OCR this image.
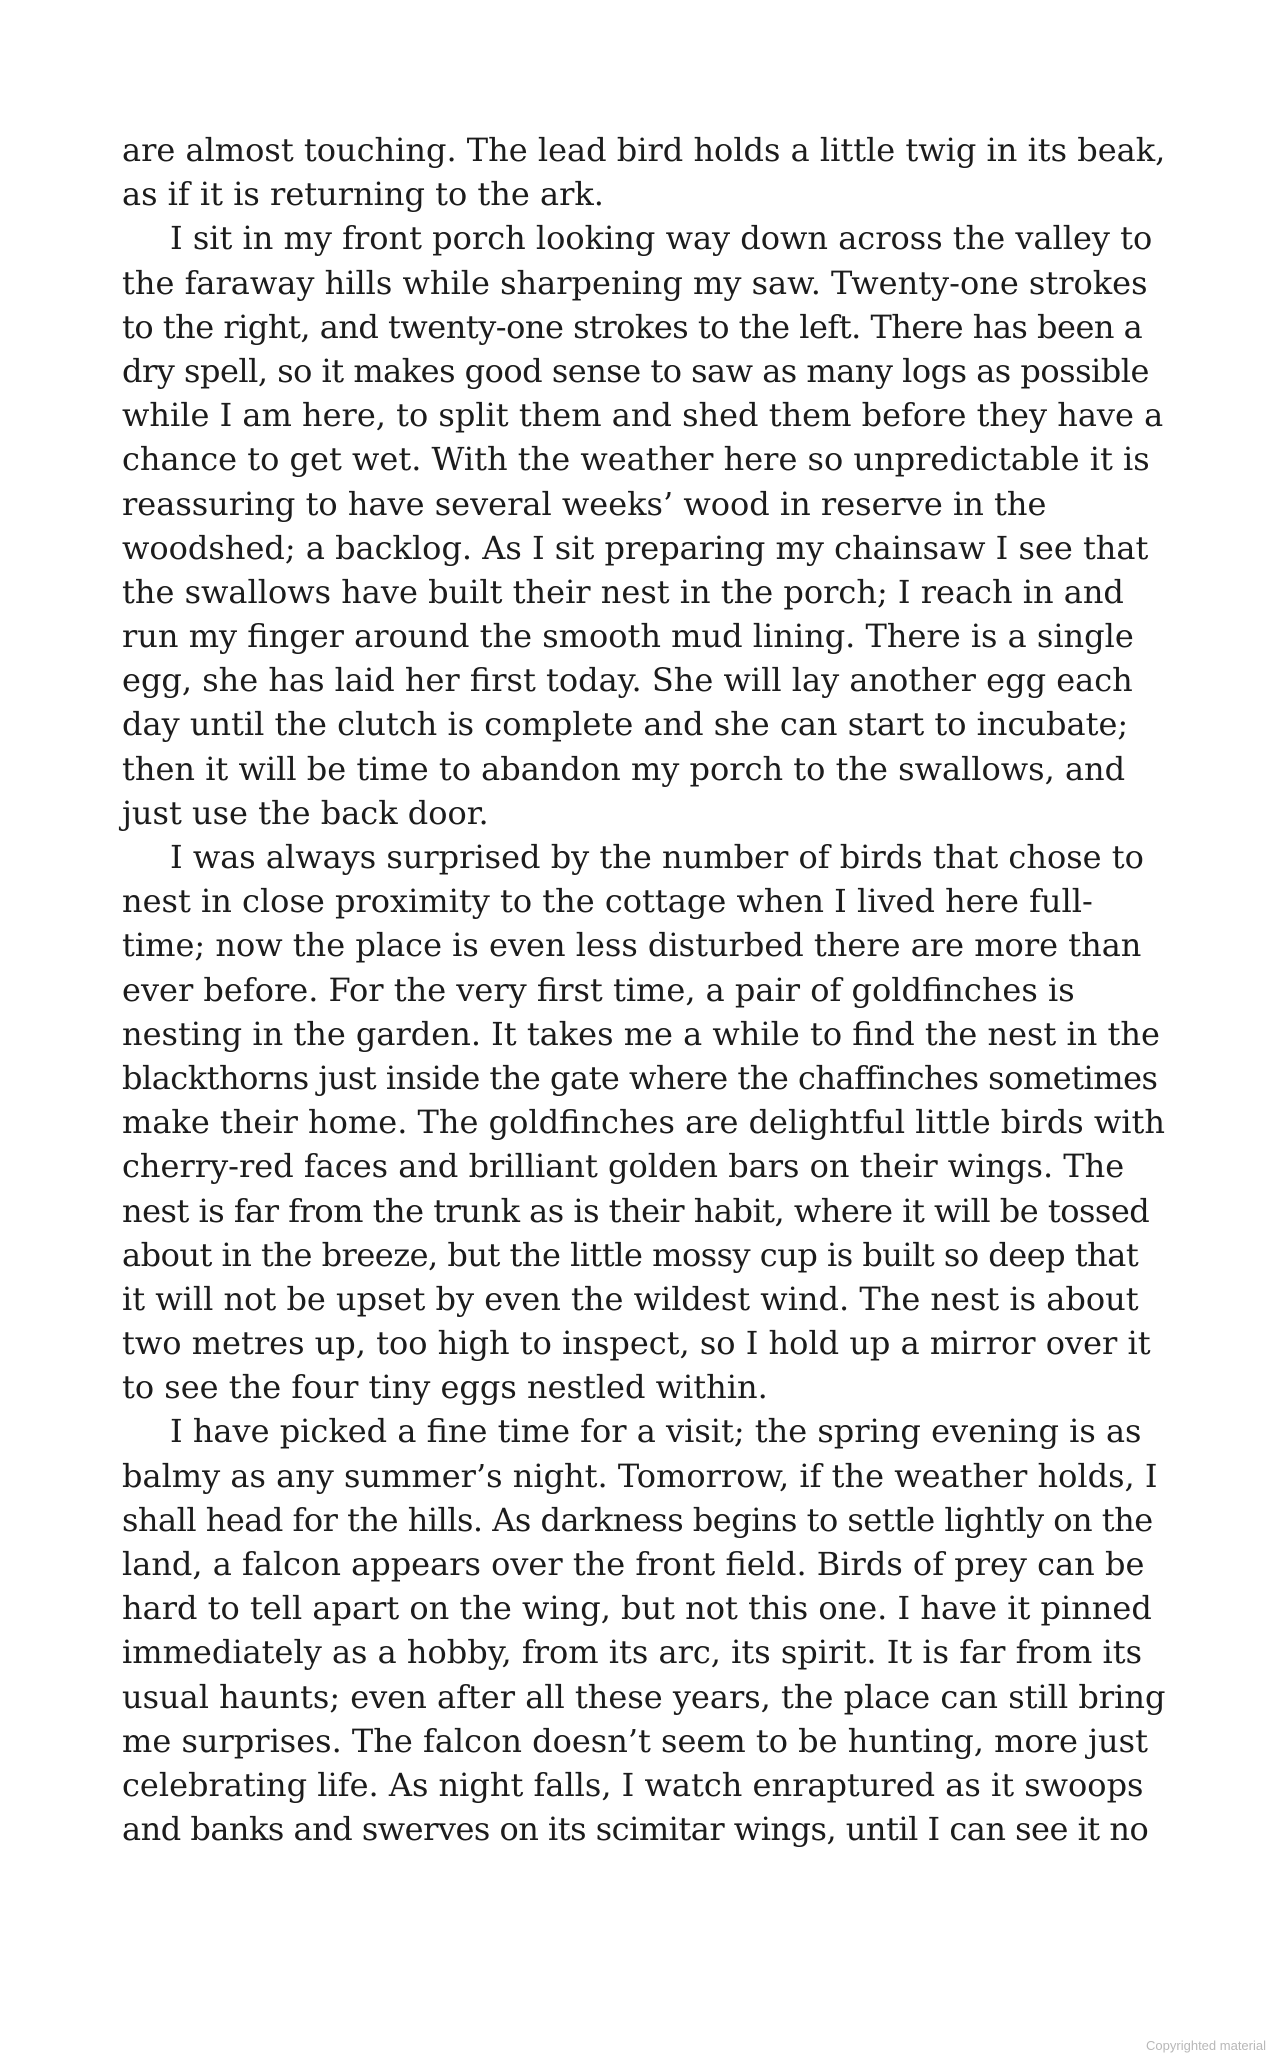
are almost touching. The lead bird holds a little twig in its beak,
as if it is returning to the ark.
I sit in my front porch looking way down across the valley to
the faraway hills while sharpening my saw. Twenty-one strokes
to the right, and twenty-one strokes to the left. There has been a
dry spell, so it makes good sense to saw as many logs as possible
while I am here, to split them and shed them before they have a
chance to get wet. With the weather here so unpredictable it is
reassuring to have several weeks’ wood in reserve in the
woodshed; a backlog. As I sit preparing my chainsaw I see that
the swallows have built their nest in the porch; I reach in and
run my finger around the smooth mud lining. There is a single
egg, she has laid her first today. She will lay another egg each
day until the clutch is complete and she can start to incubate;
then it will be time to abandon my porch to the swallows, and
just use the back door.
I was always surprised by the number of birds that chose to
nest in close proximity to the cottage when I lived here full-
time; now the place is even less disturbed there are more than
ever before. For the very first time, a pair of goldfinches is
nesting in the garden. It takes me a while to find the nest in the
blackthorns just inside the gate where the chaffinches sometimes
make their home. The goldfinches are delightful little birds with
cherry-red faces and brilliant golden bars on their wings. The
nest is far from the trunk as is their habit, where it will be tossed
about in the breeze, but the little mossy cup is built so deep that
it will not be upset by even the wildest wind. The nest is about
two metres up, too high to inspect, so I hold up a mirror over it
to see the four tiny eggs nestled within.
I have picked a fine time for a visit; the spring evening is as
balmy as any summer’s night. Tomorrow, if the weather holds, I
shall head for the hills. As darkness begins to settle lightly on the
land, a falcon appears over the front field. Birds of prey can be
hard to tell apart on the wing, but not this one. I have it pinned
immediately as a hobby, from its arc, its spirit. It is far from its
usual haunts; even after all these years, the place can still bring
me surprises. The falcon doesn’t seem to be hunting, more just
celebrating life. As night falls, I watch enraptured as it swoops
and banks and swerves on its scimitar wings, until I can see it no
Copyrighted material
